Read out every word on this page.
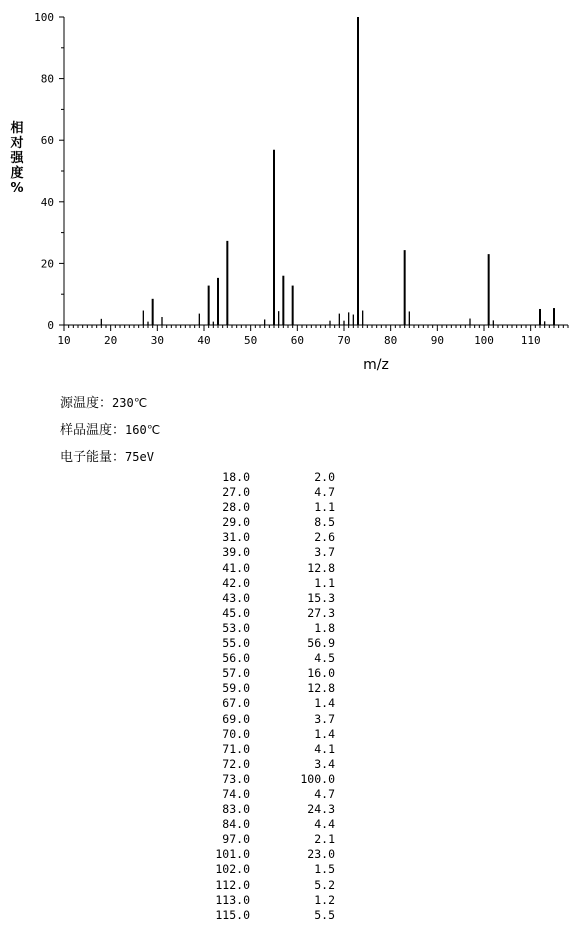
10	20	30	40	50	60	70	80	90	100 110
0
20
40
60
80
100
m/z
相
对
强
度
%
源温度：230℃
样品温度：160℃
电子能量：75eV
18.0	2.0
27.0	4.7
28.0	1.1
29.0	8.5
31.0	2.6
39.0	3.7
41.0	12.8
42.0	1.1
43.0	15.3
45.0	27.3
53.0	1.8
55.0	56.9
56.0	4.5
57.0	16.0
59.0	12.8
67.0	1.4
69.0	3.7
70.0	1.4
71.0	4.1
72.0	3.4
73.0	100.0
74.0	4.7
83.0	24.3
84.0	4.4
97.0	2.1
101.0	23.0
102.0	1.5
112.0	5.2
113.0	1.2
115.0	5.5
